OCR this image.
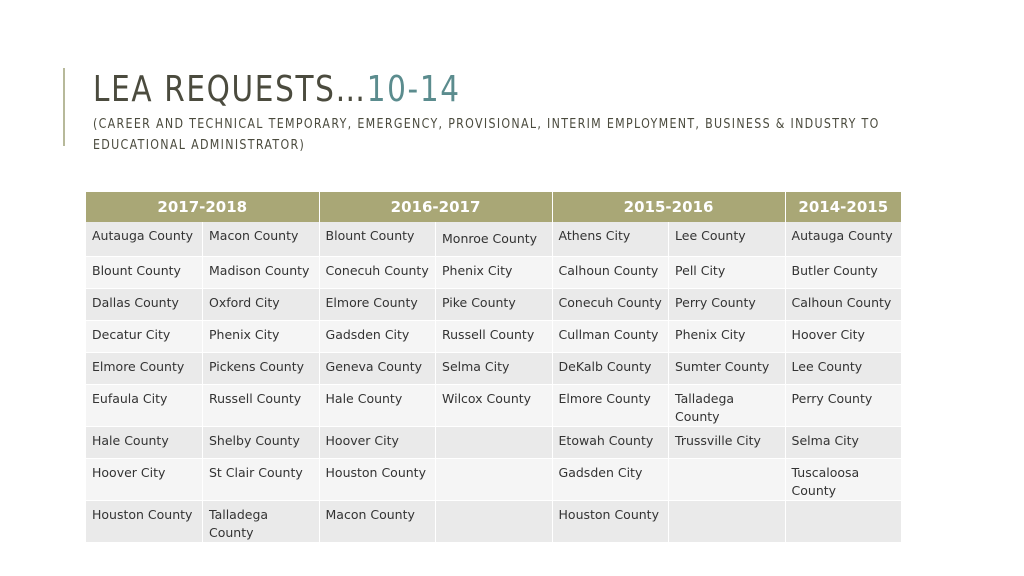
LEA REQUESTS…10-14
(CAREER AND TECHNICAL TEMPORARY, EMERGENCY, PROVISIONAL, INTERIM EMPLOYMENT, BUSINESS & INDUSTRY TO EDUCATIONAL ADMINISTRATOR)
2017-2018		2016-2017		2015-2016		2014-2015
Autauga County	Macon County	Blount County	Monroe County	Athens City	Lee County	Autauga County
Blount County	Madison County	Conecuh County	Phenix City	Calhoun County	Pell City	Butler County
Dallas County	Oxford City	Elmore County	Pike County	Conecuh County	Perry County	Calhoun County
Decatur City	Phenix City	Gadsden City	Russell County	Cullman County	Phenix City	Hoover City
Elmore County	Pickens County	Geneva County	Selma City	DeKalb County	Sumter County	Lee County
Eufaula City	Russell County	Hale County	Wilcox County	Elmore County	Talladega County	Perry County
Hale County	Shelby County	Hoover City		Etowah County	Trussville City	Selma City
Hoover City	St Clair County	Houston County		Gadsden City		Tuscaloosa County
Houston County	Talladega County	Macon County		Houston County		
